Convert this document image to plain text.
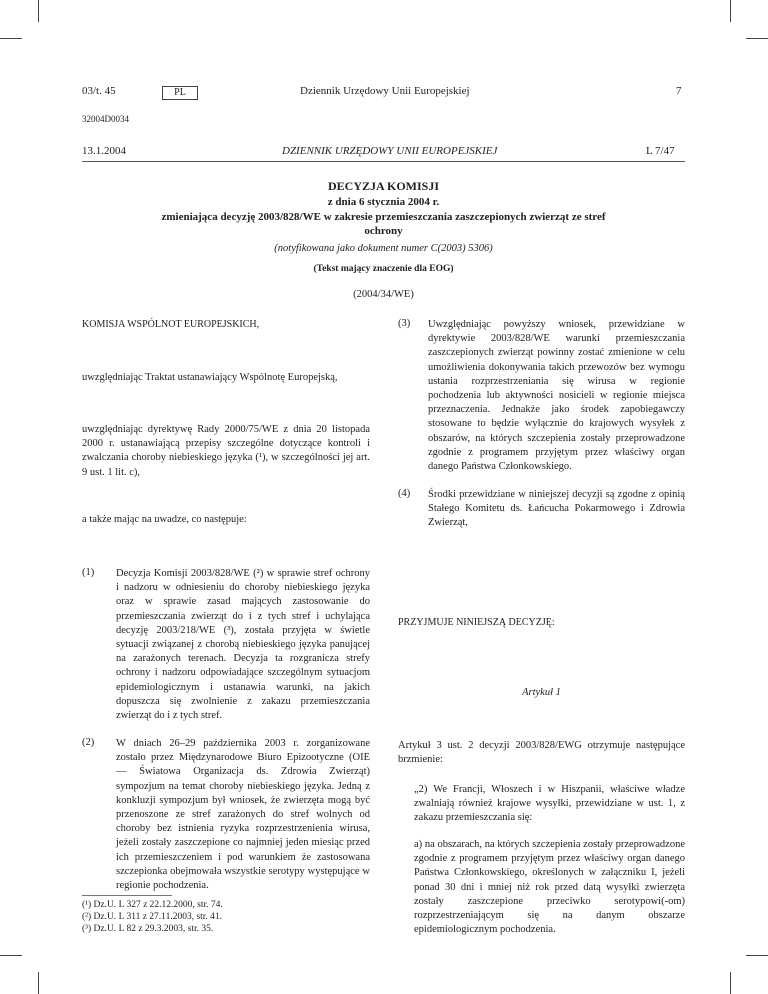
03/t. 45	PL	Dziennik Urzędowy Unii Europejskiej	7
32004D0034
13.1.2004	DZIENNIK URZĘDOWY UNII EUROPEJSKIEJ	L 7/47
DECYZJA KOMISJI
z dnia 6 stycznia 2004 r.
zmieniająca decyzję 2003/828/WE w zakresie przemieszczania zaszczepionych zwierząt ze stref
ochrony
(notyfikowana jako dokument numer C(2003) 5306)
(Tekst mający znaczenie dla EOG)
(2004/34/WE)
KOMISJA WSPÓLNOT EUROPEJSKICH,
uwzględniając Traktat ustanawiający Wspólnotę Europejską,
uwzględniając dyrektywę Rady 2000/75/WE z dnia 20 listopada 2000 r. ustanawiającą przepisy szczególne dotyczące kontroli i zwalczania choroby niebieskiego języka (¹), w szczególności jej art. 9 ust. 1 lit. c),
a także mając na uwadze, co następuje:
(1) Decyzja Komisji 2003/828/WE (²) w sprawie stref ochrony i nadzoru w odniesieniu do choroby niebieskiego języka oraz w sprawie zasad mających zastosowanie do przemieszczania zwierząt do i z tych stref i uchylająca decyzję 2003/218/WE (³), została przyjęta w świetle sytuacji związanej z chorobą niebieskiego języka panującej na zarażonych terenach. Decyzja ta rozgranicza strefy ochrony i nadzoru odpowiadające szczególnym sytuacjom epidemiologicznym i ustanawia warunki, na jakich dopuszcza się zwolnienie z zakazu przemieszczania zwierząt do i z tych stref.
(2) W dniach 26–29 października 2003 r. zorganizowane zostało przez Międzynarodowe Biuro Epizootyczne (OIE — Światowa Organizacja ds. Zdrowia Zwierząt) sympozjum na temat choroby niebieskiego języka. Jedną z konkluzji sympozjum był wniosek, że zwierzęta mogą być przenoszone ze stref zarażonych do stref wolnych od choroby bez istnienia ryzyka rozprzestrzenienia wirusa, jeżeli zostały zaszczepione co najmniej jeden miesiąc przed ich przemieszczeniem i pod warunkiem że zastosowana szczepionka obejmowała wszystkie serotypy występujące w regionie pochodzenia.
(¹) Dz.U. L 327 z 22.12.2000, str. 74.
(²) Dz.U. L 311 z 27.11.2003, str. 41.
(³) Dz.U. L 82 z 29.3.2003, str. 35.
(3) Uwzględniając powyższy wniosek, przewidziane w dyrektywie 2003/828/WE warunki przemieszczania zaszczepionych zwierząt powinny zostać zmienione w celu umożliwienia dokonywania takich przewozów bez wymogu ustania rozprzestrzeniania się wirusa w regionie pochodzenia lub aktywności nosicieli w regionie miejsca przeznaczenia. Jednakże jako środek zapobiegawczy stosowane to będzie wyłącznie do krajowych wysyłek z obszarów, na których szczepienia zostały przeprowadzone zgodnie z programem przyjętym przez właściwy organ danego Państwa Członkowskiego.
(4) Środki przewidziane w niniejszej decyzji są zgodne z opinią Stałego Komitetu ds. Łańcucha Pokarmowego i Zdrowia Zwierząt,
PRZYJMUJE NINIEJSZĄ DECYZJĘ:
Artykuł 1
Artykuł 3 ust. 2 decyzji 2003/828/EWG otrzymuje następujące brzmienie:
„2) We Francji, Włoszech i w Hiszpanii, właściwe władze zwalniają również krajowe wysyłki, przewidziane w ust. 1, z zakazu przemieszczania się:
a) na obszarach, na których szczepienia zostały przeprowadzone zgodnie z programem przyjętym przez właściwy organ danego Państwa Członkowskiego, określonych w załączniku I, jeżeli ponad 30 dni i mniej niż rok przed datą wysyłki zwierzęta zostały zaszczepione przeciwko serotypowi(-om) rozprzestrzeniającym się na danym obszarze epidemiologicznym pochodzenia.
